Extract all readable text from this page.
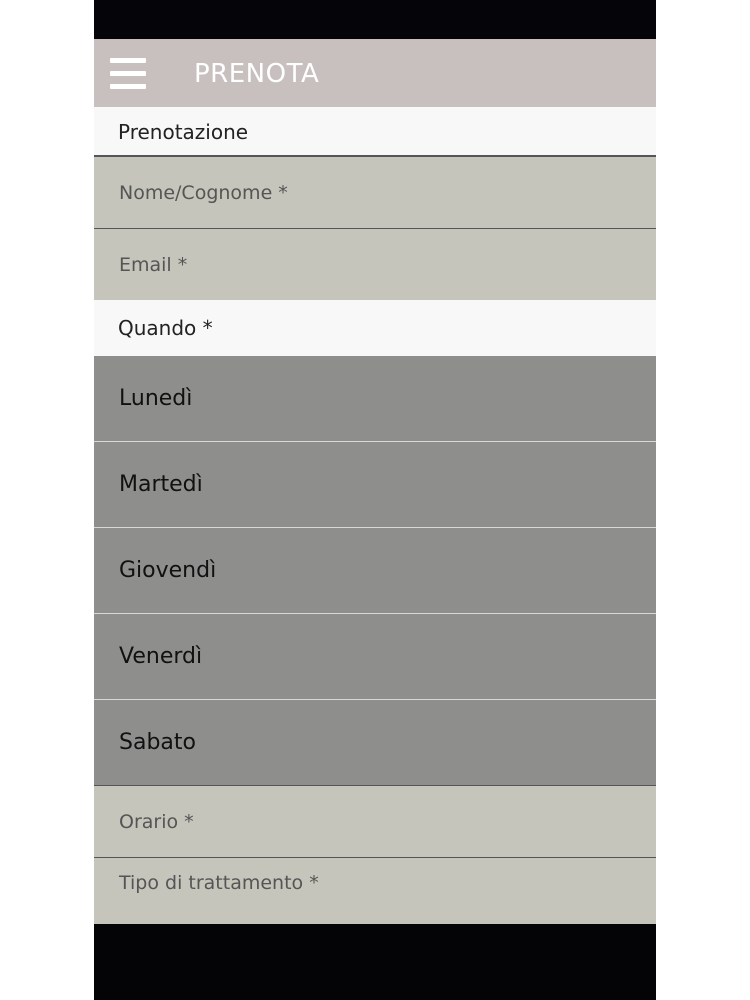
PRENOTA
Prenotazione
Nome/Cognome *
Email *
Quando *
Lunedì
Martedì
Giovendì
Venerdì
Sabato
Orario *
Tipo di trattamento *
